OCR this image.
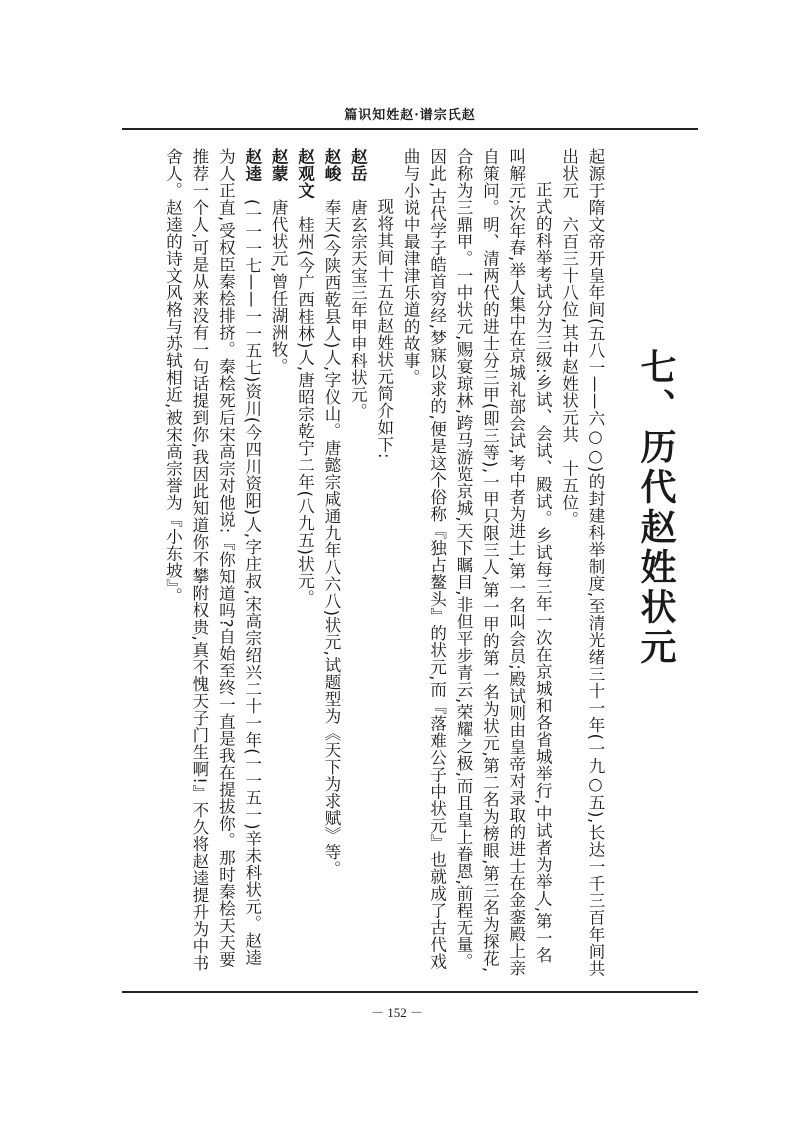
篇识知姓赵·谱宗氏赵
七、历代赵姓状元

起源于隋文帝开皇年间(五八一——六○○)的封建科举制度,至清光绪三十一年(一九○五),长达一千三百年间共出状元　六百三十八位,其中赵姓状元共　十五位。

正式的科举考试分为三级:乡试、会试、殿试。乡试每三年一次在京城和各省城举行,中试者为举人,第一名叫解元;次年春,举人集中在京城礼部会试,考中者为进士,第一名叫会员;殿试则由皇帝对录取的进士在金銮殿上亲自策问。明、清两代的进士分三甲(即三等),一甲只限三人,第一甲的第一名为状元,第二名为榜眼,第三名为探花,合称为三鼎甲。一中状元,赐宴琼林,跨马游览京城,天下瞩目,非但平步青云,荣耀之极,而且皇上眷恩,前程无量。因此,古代学子皓首穷经,梦寐以求的,便是这个俗称『独占鳌头』的状元,而『落难公子中状元』也就成了古代戏曲与小说中最津津乐道的故事。

现将其间十五位赵姓状元简介如下:

赵岳　唐玄宗天宝三年甲申科状元。

赵峻　奉天(今陕西乾县人)人,字仪山。唐懿宗咸通九年八六八)状元,试题型为《天下为求赋》等。

赵观文　桂州(今广西桂林)人,唐昭宗乾宁二年(八九五)状元。

赵蒙　唐代状元,曾任湖洲牧。

赵逵　(一一一七——一一五七)资川(今四川资阳)人,字庄叔,宋高宗绍兴二十一年(一一五一)辛未科状元。赵逵为人正直,受权臣秦桧排挤。秦桧死后宋高宗对他说:『你知道吗?自始至终一直是我在提拔你。那时秦桧天天要推荐一个人,可是从来没有一句话提到你,我因此知道你不攀附权贵,真不愧天子门生啊!』不久将赵逵提升为中书舍人。赵逵的诗文风格与苏轼相近,被宋高宗誉为『小东坡』。

－ 152 －
